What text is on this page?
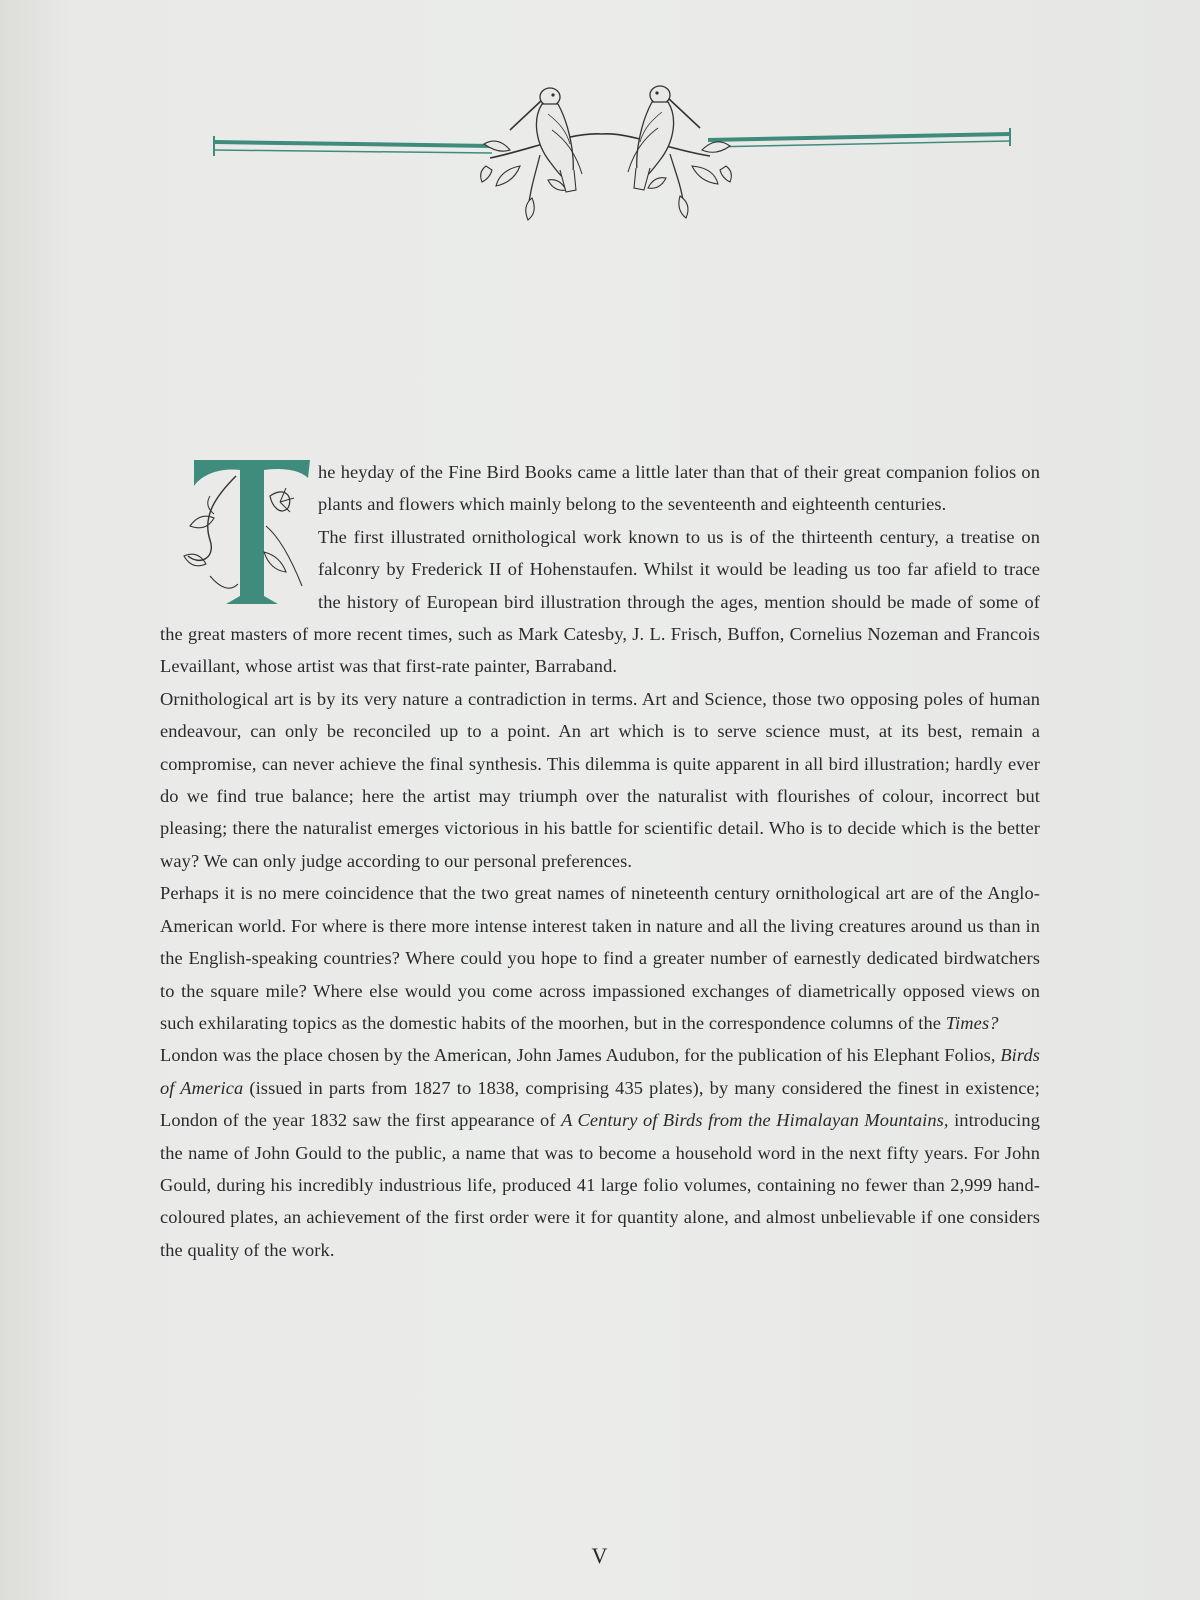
he heyday of the Fine Bird Books came a little later than that of their great companion folios on plants and flowers which mainly belong to the seventeenth and eighteenth centuries.

The first illustrated ornithological work known to us is of the thirteenth century, a treatise on falconry by Frederick II of Hohenstaufen. Whilst it would be leading us too far afield to trace the history of European bird illustration through the ages, mention should be made of some of the great masters of more recent times, such as Mark Catesby, J. L. Frisch, Buffon, Cornelius Nozeman and Francois Levaillant, whose artist was that first-rate painter, Barraband.

Ornithological art is by its very nature a contradiction in terms. Art and Science, those two opposing poles of human endeavour, can only be reconciled up to a point. An art which is to serve science must, at its best, remain a compromise, can never achieve the final synthesis. This dilemma is quite apparent in all bird illustration; hardly ever do we find true balance; here the artist may triumph over the naturalist with flourishes of colour, incorrect but pleasing; there the naturalist emerges victorious in his battle for scientific detail. Who is to decide which is the better way? We can only judge according to our personal preferences.

Perhaps it is no mere coincidence that the two great names of nineteenth century ornithological art are of the Anglo-American world. For where is there more intense interest taken in nature and all the living creatures around us than in the English-speaking countries? Where could you hope to find a greater number of earnestly dedicated birdwatchers to the square mile? Where else would you come across impassioned exchanges of diametrically opposed views on such exhilarating topics as the domestic habits of the moorhen, but in the correspondence columns of the Times?

London was the place chosen by the American, John James Audubon, for the publication of his Elephant Folios, Birds of America (issued in parts from 1827 to 1838, comprising 435 plates), by many considered the finest in existence; London of the year 1832 saw the first appearance of A Century of Birds from the Himalayan Mountains, introducing the name of John Gould to the public, a name that was to become a household word in the next fifty years. For John Gould, during his incredibly industrious life, produced 41 large folio volumes, containing no fewer than 2,999 hand-coloured plates, an achievement of the first order were it for quantity alone, and almost unbelievable if one considers the quality of the work.

V
